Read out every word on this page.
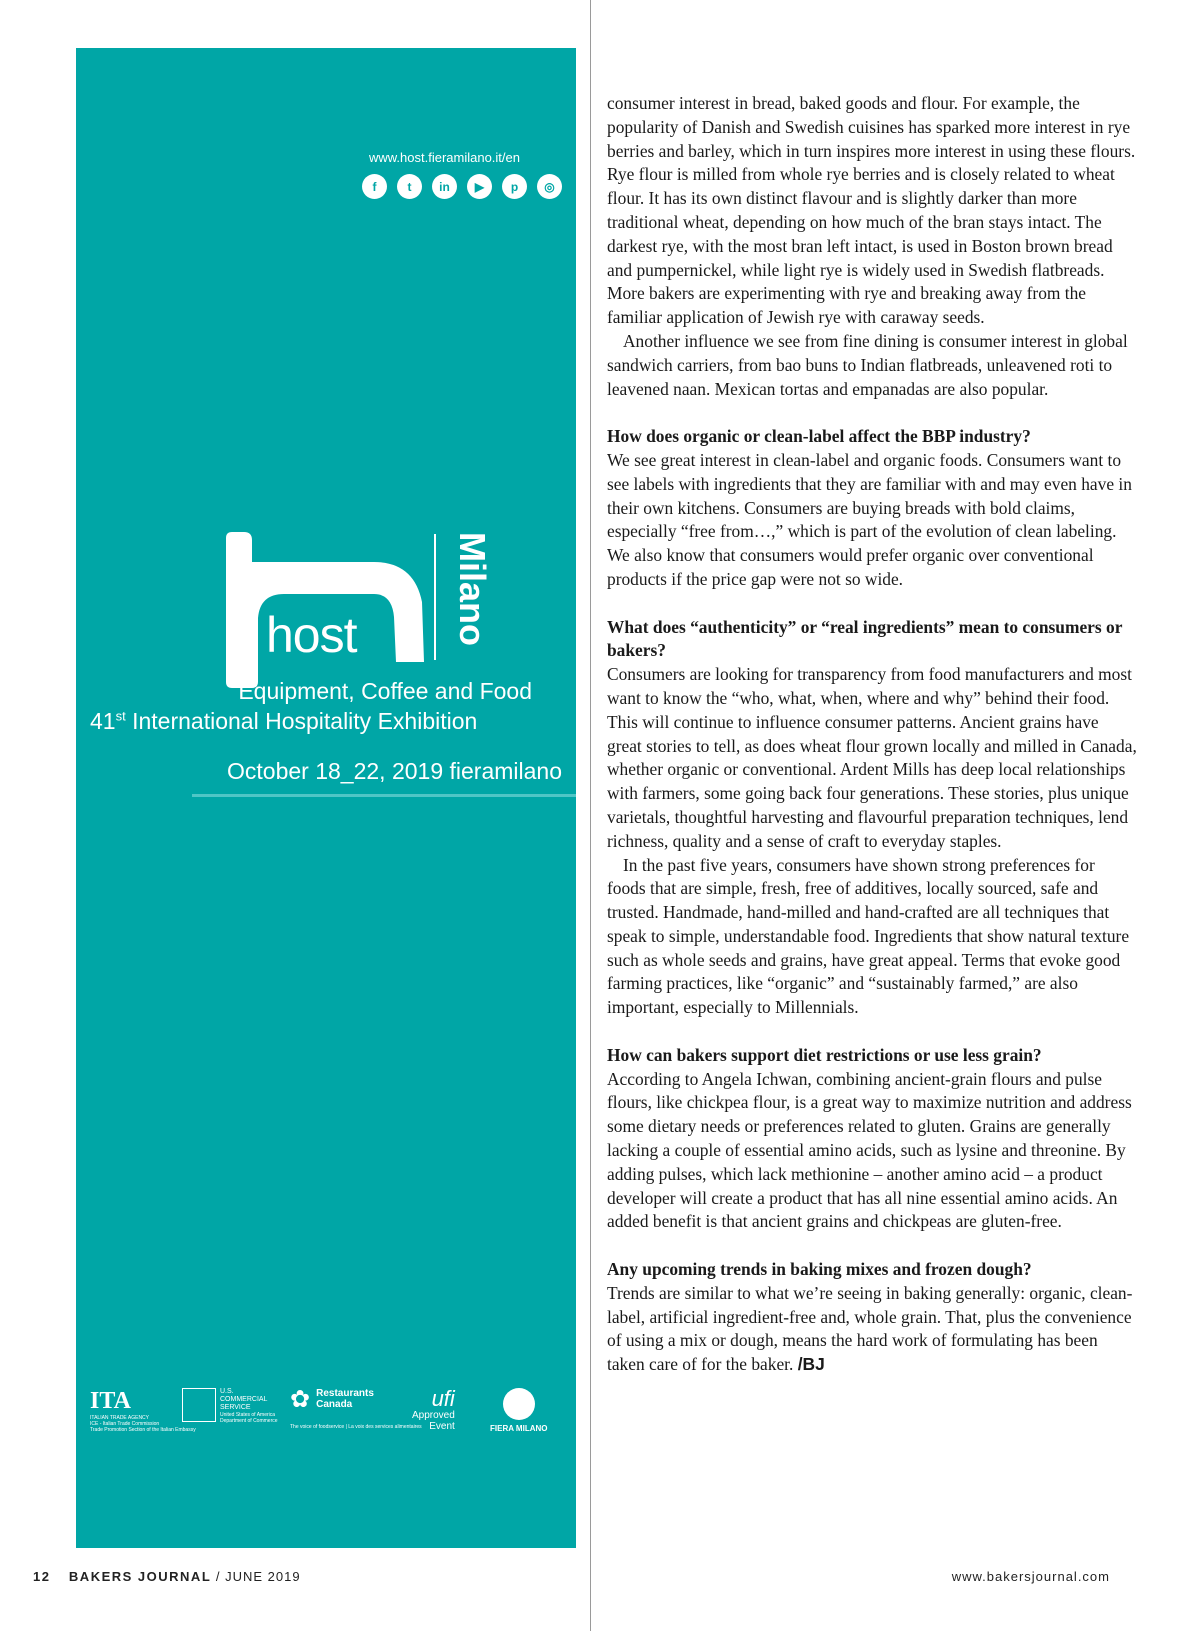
www.host.fieramilano.it/en
f	t	in	▶	p	◎
host	Milano
Equipment, Coffee and Food
41st International Hospitality Exhibition
October 18_22, 2019 fieramilano
ITA
ITALIAN TRADE AGENCY
ICE - Italian Trade Commission
Trade Promotion Section of the Italian Embassy
U.S.
COMMERCIAL
SERVICE
United States of America
Department of Commerce
✿ Restaurants
Canada
The voice of foodservice | La voix des services alimentaires
ufi
Approved
Event	FIERA MILANO

consumer interest in bread, baked goods and flour. For example, the popularity of Danish and Swedish cuisines has sparked more interest in rye berries and barley, which in turn inspires more interest in using these flours. Rye flour is milled from whole rye berries and is closely related to wheat flour. It has its own distinct flavour and is slightly darker than more traditional wheat, depending on how much of the bran stays intact. The darkest rye, with the most bran left intact, is used in Boston brown bread and pumpernickel, while light rye is widely used in Swedish flatbreads. More bakers are experimenting with rye and breaking away from the familiar application of Jewish rye with caraway seeds.

Another influence we see from fine dining is consumer interest in global sandwich carriers, from bao buns to Indian flatbreads, unleavened roti to leavened naan. Mexican tortas and empanadas are also popular.

How does organic or clean-label affect the BBP industry?

We see great interest in clean-label and organic foods. Consumers want to see labels with ingredients that they are familiar with and may even have in their own kitchens. Consumers are buying breads with bold claims, especially “free from…,” which is part of the evolution of clean labeling. We also know that consumers would prefer organic over conventional products if the price gap were not so wide.

What does “authenticity” or “real ingredients” mean to consumers or bakers?

Consumers are looking for transparency from food manufacturers and most want to know the “who, what, when, where and why” behind their food. This will continue to influence consumer patterns. Ancient grains have great stories to tell, as does wheat flour grown locally and milled in Canada, whether organic or conventional. Ardent Mills has deep local relationships with farmers, some going back four generations. These stories, plus unique varietals, thoughtful harvesting and flavourful preparation techniques, lend richness, quality and a sense of craft to everyday staples.

In the past five years, consumers have shown strong preferences for foods that are simple, fresh, free of additives, locally sourced, safe and trusted. Handmade, hand-milled and hand-crafted are all techniques that speak to simple, understandable food. Ingredients that show natural texture such as whole seeds and grains, have great appeal. Terms that evoke good farming practices, like “organic” and “sustainably farmed,” are also important, especially to Millennials.

How can bakers support diet restrictions or use less grain?

According to Angela Ichwan, combining ancient-grain flours and pulse flours, like chickpea flour, is a great way to maximize nutrition and address some dietary needs or preferences related to gluten. Grains are generally lacking a couple of essential amino acids, such as lysine and threonine. By adding pulses, which lack methionine – another amino acid – a product developer will create a product that has all nine essential amino acids. An added benefit is that ancient grains and chickpeas are gluten-free.

Any upcoming trends in baking mixes and frozen dough?

Trends are similar to what we’re seeing in baking generally: organic, clean-label, artificial ingredient-free and, whole grain. That, plus the convenience of using a mix or dough, means the hard work of formulating has been taken care of for the baker. /BJ

12 BAKERS JOURNAL / JUNE 2019	www.bakersjournal.com
